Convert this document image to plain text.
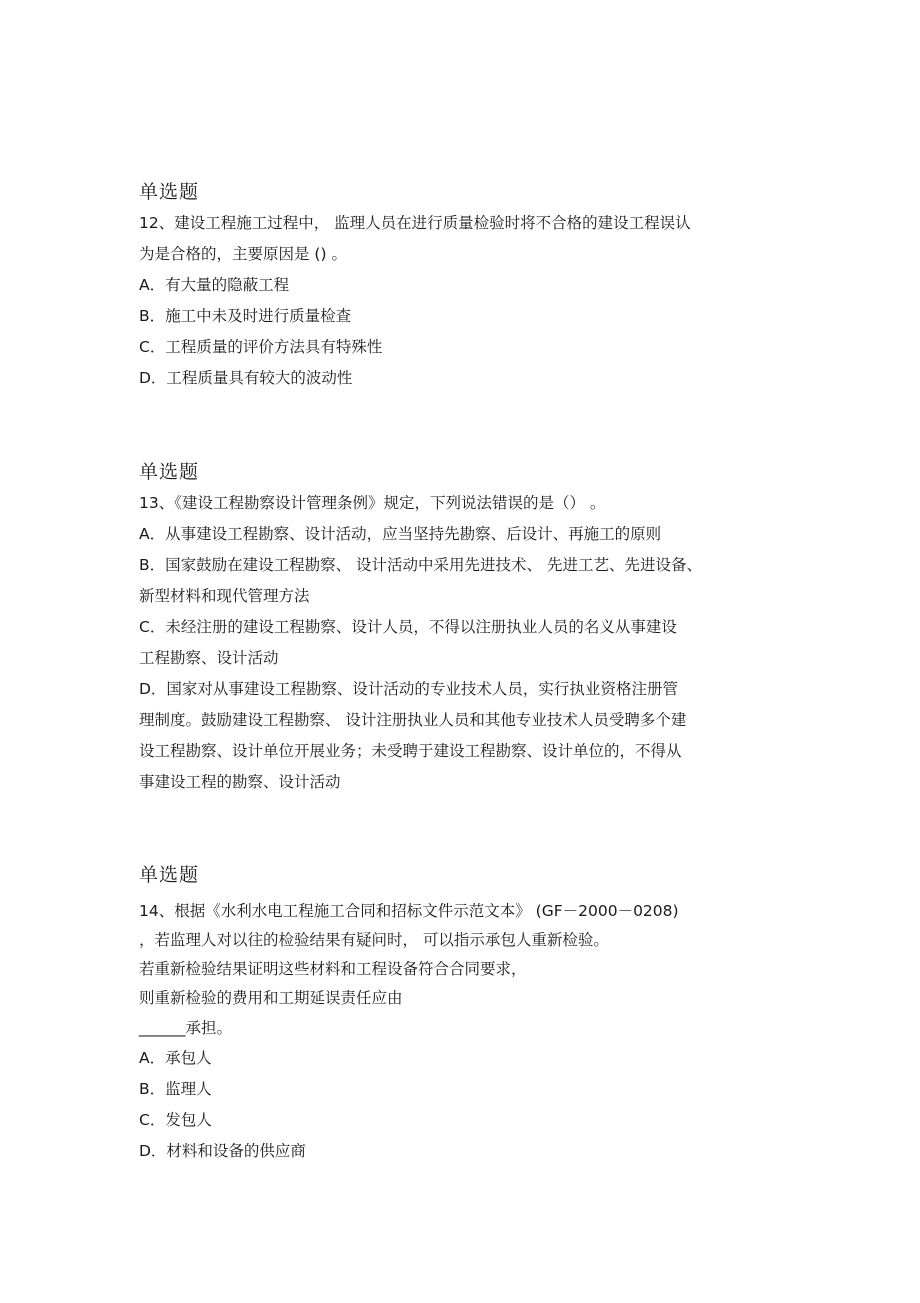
单选题

12、建设工程施工过程中， 监理人员在进行质量检验时将不合格的建设工程误认

为是合格的，主要原因是 () 。

A．有大量的隐蔽工程

B．施工中未及时进行质量检查

C．工程质量的评价方法具有特殊性

D．工程质量具有较大的波动性

单选题

13、《建设工程勘察设计管理条例》规定，下列说法错误的是（） 。

A．从事建设工程勘察、设计活动，应当坚持先勘察、后设计、再施工的原则

B．国家鼓励在建设工程勘察、 设计活动中采用先进技术、 先进工艺、先进设备、

新型材料和现代管理方法

C．未经注册的建设工程勘察、设计人员，不得以注册执业人员的名义从事建设

工程勘察、设计活动

D．国家对从事建设工程勘察、设计活动的专业技术人员，实行执业资格注册管

理制度。鼓励建设工程勘察、 设计注册执业人员和其他专业技术人员受聘多个建

设工程勘察、设计单位开展业务；未受聘于建设工程勘察、设计单位的，不得从

事建设工程的勘察、设计活动

单选题

14、根据《水利水电工程施工合同和招标文件示范文本》 (GF－2000－0208)

，若监理人对以往的检验结果有疑问时， 可以指示承包人重新检验。

若重新检验结果证明这些材料和工程设备符合合同要求，

则重新检验的费用和工期延误责任应由

______承担。

A．承包人

B．监理人

C．发包人

D．材料和设备的供应商
